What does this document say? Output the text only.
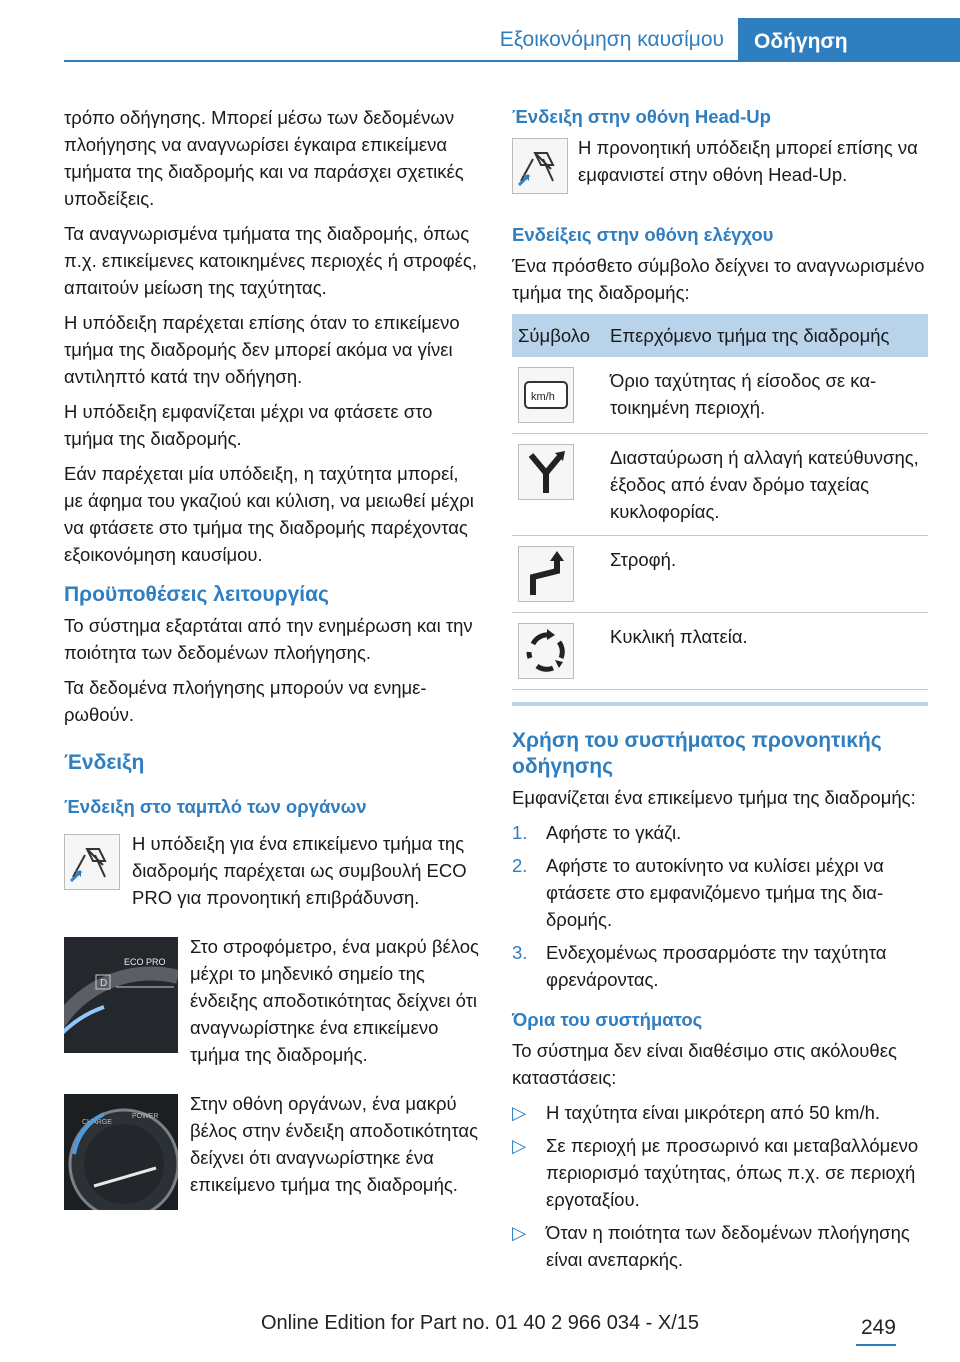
Εξοικονόμηση καυσίμου	Οδήγηση

τρόπο οδήγησης. Μπορεί μέσω των δεδομένων πλοήγησης να αναγνωρίσει έγκαιρα επικείμενα τμήματα της διαδρομής και να παράσχει σχετικές υποδείξεις.

Τα αναγνωρισμένα τμήματα της διαδρομής, όπως π.χ. επικείμενες κατοικημένες περιοχές ή στροφές, απαιτούν μείωση της ταχύτητας.

Η υπόδειξη παρέχεται επίσης όταν το επικείμενο τμήμα της διαδρομής δεν μπορεί ακόμα να γίνει αντιληπτό κατά την οδήγηση.

Η υπόδειξη εμφανίζεται μέχρι να φτάσετε στο τμήμα της διαδρομής.

Εάν παρέχεται μία υπόδειξη, η ταχύτητα μπορεί, με άφημα του γκαζιού και κύλιση, να μειωθεί μέχρι να φτάσετε στο τμήμα της διαδρομής παρέχοντας εξοικονόμηση καυσίμου.

Προϋποθέσεις λειτουργίας

Το σύστημα εξαρτάται από την ενημέρωση και την ποιότητα των δεδομένων πλοήγησης.

Τα δεδομένα πλοήγησης μπορούν να ενημερωθούν.

Ένδειξη
Ένδειξη στο ταμπλό των οργάνων

Η υπόδειξη για ένα επικείμενο τμήμα της διαδρομής παρέχεται ως συμβουλή ECO PRO για προνοητική επιβράδυνση.

D
ECO PRO
Στο στροφόμετρο, ένα μακρύ βέλος μέχρι το μηδενικό σημείο της ένδειξης αποδοτικότητας δείχνει ότι αναγνωρίστηκε ένα επικείμενο τμήμα της διαδρομής.

CHARGE
POWER
Στην οθόνη οργάνων, ένα μακρύ βέλος στην ένδειξη αποδοτικότητας δείχνει ότι αναγνωρίστηκε ένα επικείμενο τμήμα της διαδρομής.

Ένδειξη στην οθόνη Head-Up

Η προνοητική υπόδειξη μπορεί επίσης να εμφανιστεί στην οθόνη Head-Up.

Ενδείξεις στην οθόνη ελέγχου

Ένα πρόσθετο σύμβολο δείχνει το αναγνωρισμένο τμήμα της διαδρομής:

Σύμβολο	Επερχόμενο τμήμα της διαδρομής

km/h	Όριο ταχύτητας ή είσοδος σε κατοικημένη περιοχή.
	Διασταύρωση ή αλλαγή κατεύθυνσης, έξοδος από έναν δρόμο ταχείας κυκλοφορίας.
	Στροφή.
	Κυκλική πλατεία.
Χρήση του συστήματος προνοητικής οδήγησης

Εμφανίζεται ένα επικείμενο τμήμα της διαδρομής:

1. Αφήστε το γκάζι.
2. Αφήστε το αυτοκίνητο να κυλίσει μέχρι να φτάσετε στο εμφανιζόμενο τμήμα της διαδρομής.
3. Ενδεχομένως προσαρμόστε την ταχύτητα φρενάροντας.
Όρια του συστήματος

Το σύστημα δεν είναι διαθέσιμο στις ακόλουθες καταστάσεις:

▷ Η ταχύτητα είναι μικρότερη από 50 km/h.
▷ Σε περιοχή με προσωρινό και μεταβαλλόμενο περιορισμό ταχύτητας, όπως π.χ. σε περιοχή εργοταξίου.
▷ Όταν η ποιότητα των δεδομένων πλοήγησης είναι ανεπαρκής.
249
Online Edition for Part no. 01 40 2 966 034 - X/15
